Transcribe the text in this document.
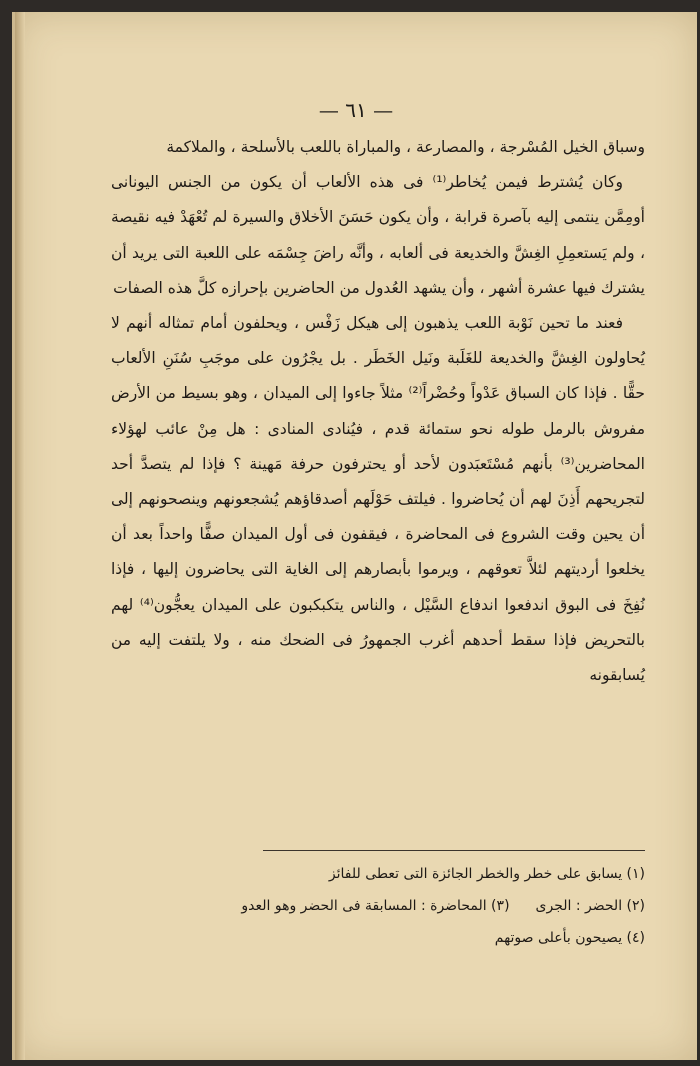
— ٦١ —

وسباق الخيل المُسْرجة ، والمصارعة ، والمباراة باللعب بالأسلحة ، والملاكمة

وكان يُشترط فيمن يُخاطر⁽¹⁾ فى هذه الألعاب أن يكون من الجنس اليونانى أومِمَّن ينتمى إليه بآصرة قرابة ، وأن يكون حَسَنَ الأخلاق والسيرة لم تُعْهَدْ فيه نقيصة ، ولم يَستعمِلِ الغِشَّ والخديعة فى ألعابه ، وأنَّه راضَ جِسْمَه على اللعبة التى يريد أن يشترك فيها عشرة أشهر ، وأن يشهد العُدول من الحاضرين بإحرازه كلَّ هذه الصفات

فعند ما تحين نَوْبة اللعب يذهبون إلى هيكل زَفْس ، ويحلفون أمام تمثاله أنهم لا يُحاولون الغِشَّ والخديعة للغَلَبة ونَيل الخَطَر . بل يجْرُون على موجَبِ سُنَنِ الألعاب حقًّا . فإذا كان السباق عَدْواً وحُضْراً⁽²⁾ مثلاً جاءوا إلى الميدان ، وهو بسيط من الأرض مفروش بالرمل طوله نحو ستمائة قدم ، فيُنادى المنادى : هل مِنْ عائب لهؤلاء المحاضرين⁽³⁾ بأنهم مُسْتَعبَدون لأحد أو يحترفون حرفة مَهينة ؟ فإذا لم يتصدَّ أحد لتجريحهم أَذِنَ لهم أن يُحاضروا . فيلتف حَوْلَهم أصدقاؤهم يُشجعونهم وينصحونهم إلى أن يحين وقت الشروع فى المحاضرة ، فيقفون فى أول الميدان صفًّا واحداً بعد أن يخلعوا أرديتهم لئلاَّ تعوقهم ، ويرموا بأبصارهم إلى الغاية التى يحاضرون إليها ، فإذا نُفِخَ فى البوق اندفعوا اندفاع السَّيْل ، والناس يتكبكبون على الميدان يعجُّون⁽⁴⁾ لهم بالتحريض فإذا سقط أحدهم أغرب الجمهورُ فى الضحك منه ، ولا يلتفت إليه من يُسابقونه

(١) يسابق على خطر والخطر الجائزة التى تعطى للفائز
(٢) الحضر : الجرى
(٣) المحاضرة : المسابقة فى الحضر وهو العدو
(٤) يصيحون بأعلى صوتهم
